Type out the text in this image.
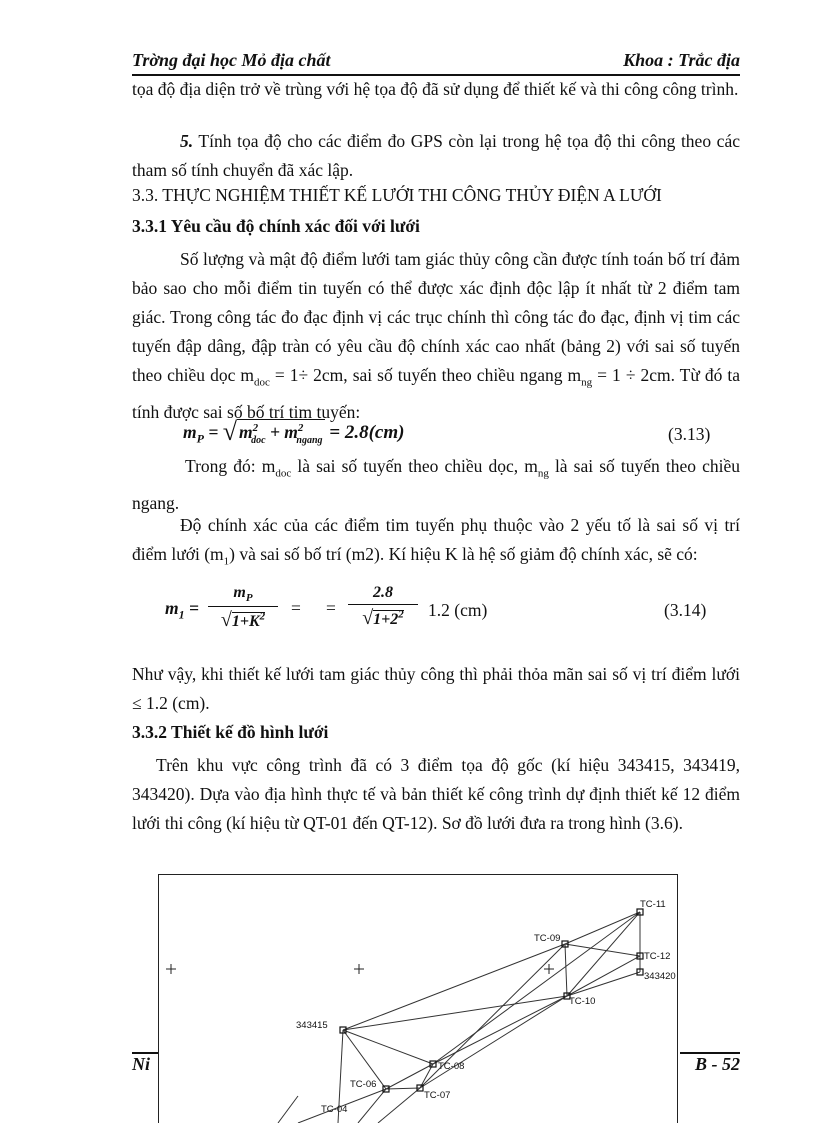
Trờng đại học Mỏ địa chất	Khoa : Trắc địa
tọa độ địa diện trở về trùng với hệ tọa độ đã sử dụng để thiết kế và thi công công trình.
5. Tính tọa độ cho các điểm đo GPS còn lại trong hệ tọa độ thi công theo các tham số tính chuyển đã xác lập.
3.3. THỰC NGHIỆM THIẾT KẾ LƯỚI THI CÔNG THỦY ĐIỆN A LƯỚI
3.3.1 Yêu cầu độ chính xác đối với lưới
Số lượng và mật độ điểm lưới tam giác thủy công cần được tính toán bố trí đảm bảo sao cho mỗi điểm tin tuyến có thể được xác định độc lập ít nhất từ 2 điểm tam giác. Trong công tác đo đạc định vị các trục chính thì công tác đo đạc, định vị tim các tuyến đập dâng, đập tràn có yêu cầu độ chính xác cao nhất (bảng 2) với sai số tuyến theo chiều dọc $m_{doc} = 1\div 2cm$, sai số tuyến theo chiều ngang $m_{ng} = 1 \div 2cm$. Từ đó ta tính được sai số bố trí tim tuyến:
$m_P$ = √ $m^2_{doc} + m^2_{ngang} = 2.8(cm)$	(3.13)
Trong đó: $m_{doc}$ là sai số tuyến theo chiều dọc, $m_{ng}$ là sai số tuyến theo chiều ngang.
Độ chính xác của các điểm tim tuyến phụ thuộc vào 2 yếu tố là sai số vị trí điểm lưới $(m_1)$ và sai số bố trí (m2). Kí hiệu K là hệ số giảm độ chính xác, sẽ có:
$m_1 = \frac{m_P}{√1+K^2}$ = = $\frac{2.8}{√1+2^2} 1.2$ (cm)	(3.14)
Như vậy, khi thiết kế lưới tam giác thủy công thì phải thỏa mãn sai số vị trí điểm lưới ≤ 1.2 (cm).
3.3.2 Thiết kế đồ hình lưới
Trên khu vực công trình đã có 3 điểm tọa độ gốc (kí hiệu 343415, 343419, 343420). Dựa vào địa hình thực tế và bản thiết kế công trình dự định thiết kế 12 điểm lưới thi công (kí hiệu từ QT-01 đến QT-12). Sơ đồ lưới đưa ra trong hình (3.6).
TC-11
TC-09
TC-12
343420
TC-10
343415
TC-08
TC-06
TC-07
TC-04
Ni	B - 52
